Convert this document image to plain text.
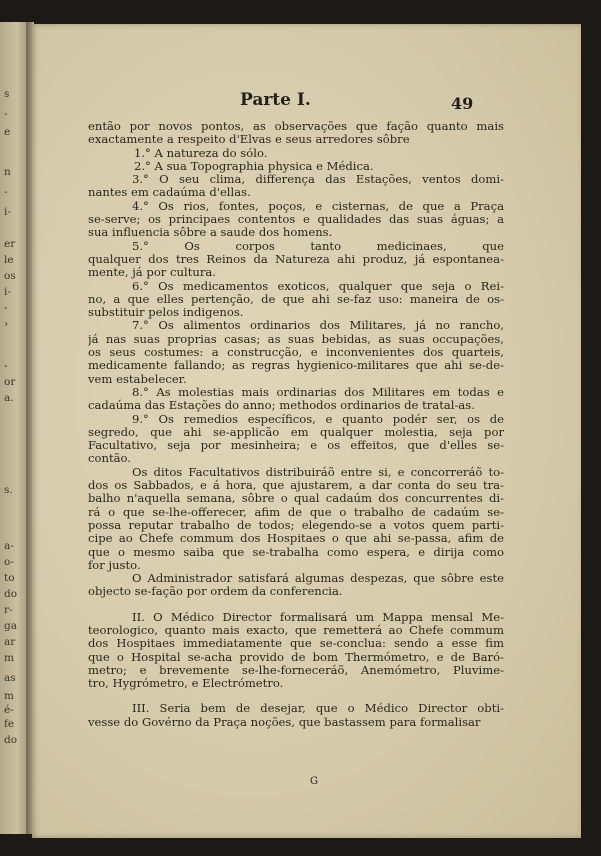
s
-
e
n
-
i-
er
le
os
i-
-
›
-
or
a.
s.
a-
o-
to
do
r-
ga
ar
m
as
m
é-
fe
do
Parte I.	49
então por novos pontos, as observações que fação quanto mais
exactamente a respeito d'Elvas e seus arredores sôbre
1.° A natureza do sólo.
2.° A sua Topographia physica e Médica.
3.° O seu clima, differença das Estações, ventos domi-
nantes em cadaúma d'ellas.
4.° Os rios, fontes, poços, e cisternas, de que a Praça
se-serve; os principaes contentos e qualidades das suas águas; a
sua influencia sôbre a saude dos homens.
5.° Os corpos tanto medicinaes, que
qualquer dos tres Reinos da Natureza ahi produz, já espontanea-
mente, já por cultura.
6.° Os medicamentos exoticos, qualquer que seja o Rei-
no, a que elles pertenção, de que ahi se-faz uso: maneira de os-
substituir pelos indigenos.
7.° Os alimentos ordinarios dos Militares, já no rancho,
já nas suas proprias casas; as suas bebidas, as suas occupações,
os seus costumes: a construcção, e inconvenientes dos quarteis,
medicamente fallando; as regras hygienico-militares que ahi se-de-
vem estabelecer.
8.° As molestias mais ordinarias dos Militares em todas e
cadaúma das Estações do anno; methodos ordinarios de tratal-as.
9.° Os remedios específicos, e quanto podér ser, os de
segredo, que ahi se-applicão em qualquer molestia, seja por
Facultativo, seja por mesinheira; e os effeitos, que d'elles se-
contão.
Os ditos Facultativos distribuiráõ entre si, e concorreráõ to-
dos os Sabbados, e á hora, que ajustarem, a dar conta do seu tra-
balho n'aquella semana, sôbre o qual cadaúm dos concurrentes di-
rá o que se-lhe-offerecer, afim de que o trabalho de cadaúm se-
possa reputar trabalho de todos; elegendo-se a votos quem parti-
cipe ao Chefe commum dos Hospitaes o que ahi se-passa, afim de
que o mesmo saiba que se-trabalha como espera, e dirija como
for justo.
O Administrador satisfará algumas despezas, que sôbre este
objecto se-fação por ordem da conferencia.
II. O Médico Director formalisará um Mappa mensal Me-
teorologico, quanto mais exacto, que remetterá ao Chefe commum
dos Hospitaes immediatamente que se-conclua: sendo a esse fim
que o Hospital se-acha provido de bom Thermómetro, e de Baró-
metro; e brevemente se-lhe-forneceráõ, Anemómetro, Pluvime-
tro, Hygrómetro, e Electrómetro.
III. Seria bem de desejar, que o Médico Director obti-
vesse do Govérno da Praça noções, que bastassem para formalisar
G
